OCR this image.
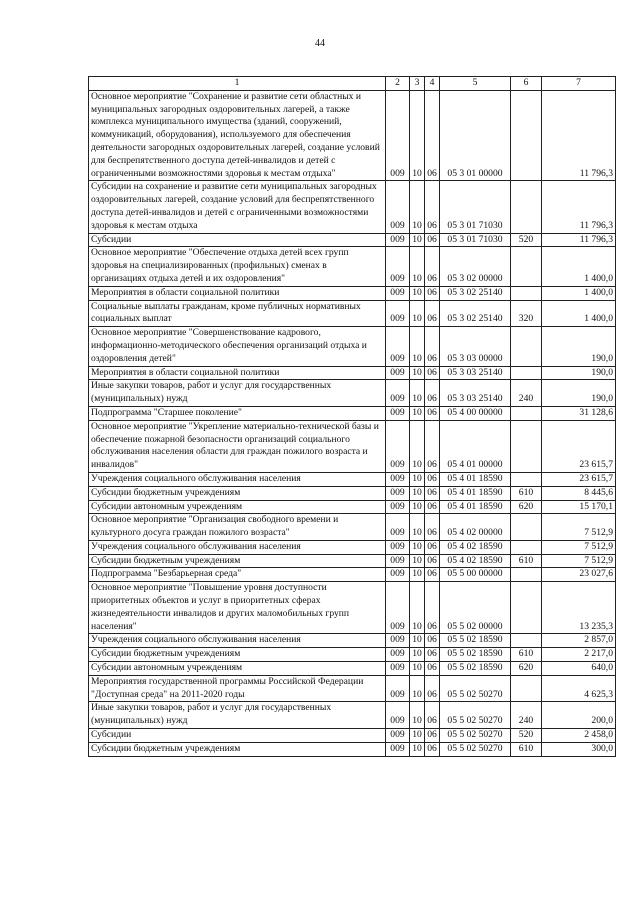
44
1	2	3	4	5	6	7
Основное мероприятие "Сохранение и развитие сети областных и муниципальных загородных оздоровительных лагерей, а также комплекса муниципального имущества (зданий, сооружений, коммуникаций, оборудования), используемого для обеспечения деятельности загородных оздоровительных лагерей, создание условий для беспрепятственного доступа детей-инвалидов и детей с ограниченными возможностями здоровья к местам отдыха"	009	10	06	05 3 01 00000		11 796,3
Субсидии на сохранение и развитие сети муниципальных загородных оздоровительных лагерей, создание условий для беспрепятственного доступа детей-инвалидов и детей с ограниченными возможностями здоровья к местам отдыха	009	10	06	05 3 01 71030		11 796,3
Субсидии	009	10	06	05 3 01 71030	520	11 796,3
Основное мероприятие "Обеспечение отдыха детей всех групп здоровья на специализированных (профильных) сменах в организациях отдыха детей и их оздоровления"	009	10	06	05 3 02 00000		1 400,0
Мероприятия в области социальной политики	009	10	06	05 3 02 25140		1 400,0
Социальные выплаты гражданам, кроме публичных нормативных социальных выплат	009	10	06	05 3 02 25140	320	1 400,0
Основное мероприятие "Совершенствование кадрового, информационно-методического обеспечения организаций отдыха и оздоровления детей"	009	10	06	05 3 03 00000		190,0
Мероприятия в области социальной политики	009	10	06	05 3 03 25140		190,0
Иные закупки товаров, работ и услуг для государственных (муниципальных) нужд	009	10	06	05 3 03 25140	240	190,0
Подпрограмма "Старшее поколение"	009	10	06	05 4 00 00000		31 128,6
Основное мероприятие "Укрепление материально-технической базы и обеспечение пожарной безопасности организаций социального обслуживания населения области для граждан пожилого возраста и инвалидов"	009	10	06	05 4 01 00000		23 615,7
Учреждения социального обслуживания населения	009	10	06	05 4 01 18590		23 615,7
Субсидии бюджетным учреждениям	009	10	06	05 4 01 18590	610	8 445,6
Субсидии автономным учреждениям	009	10	06	05 4 01 18590	620	15 170,1
Основное мероприятие "Организация свободного времени и культурного досуга граждан пожилого возраста"	009	10	06	05 4 02 00000		7 512,9
Учреждения социального обслуживания населения	009	10	06	05 4 02 18590		7 512,9
Субсидии бюджетным учреждениям	009	10	06	05 4 02 18590	610	7 512,9
Подпрограмма "Безбарьерная среда"	009	10	06	05 5 00 00000		23 027,6
Основное мероприятие "Повышение уровня доступности приоритетных объектов и услуг в приоритетных сферах жизнедеятельности инвалидов и других маломобильных групп населения"	009	10	06	05 5 02 00000		13 235,3
Учреждения социального обслуживания населения	009	10	06	05 5 02 18590		2 857,0
Субсидии бюджетным учреждениям	009	10	06	05 5 02 18590	610	2 217,0
Субсидии автономным учреждениям	009	10	06	05 5 02 18590	620	640,0
Мероприятия государственной программы Российской Федерации "Доступная среда" на 2011-2020 годы	009	10	06	05 5 02 50270		4 625,3
Иные закупки товаров, работ и услуг для государственных (муниципальных) нужд	009	10	06	05 5 02 50270	240	200,0
Субсидии	009	10	06	05 5 02 50270	520	2 458,0
Субсидии бюджетным учреждениям	009	10	06	05 5 02 50270	610	300,0
